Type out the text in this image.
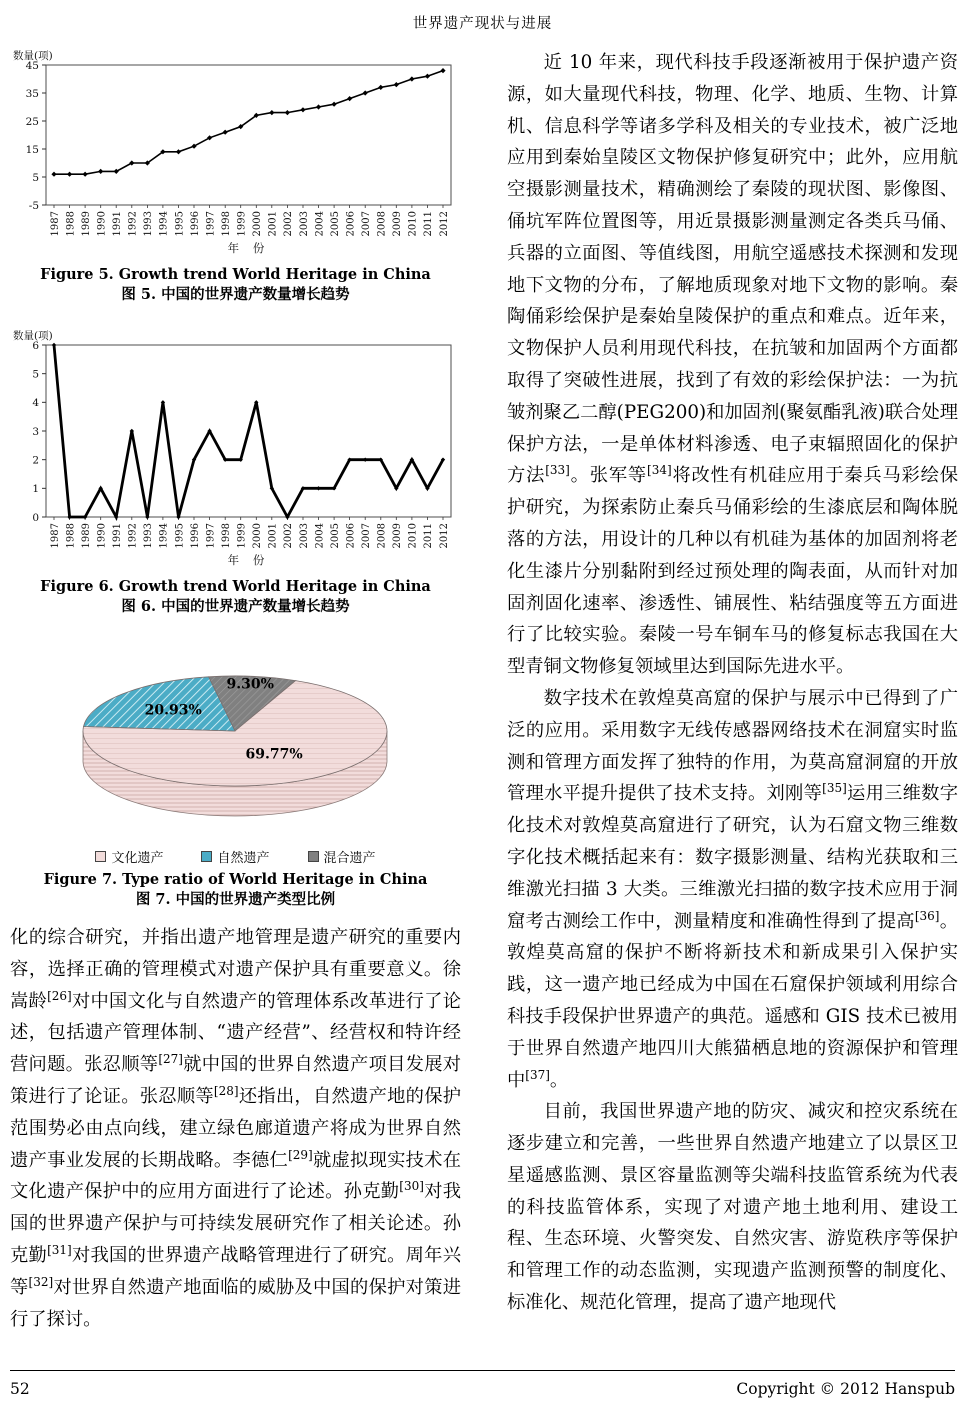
世界遗产现状与进展
数量(项)
-5
5
15
25
35
45
1987 1988 1989 1990 1991 1992 1993 1994 1995 1996 1997 1998 1999 2000 2001 2002 2003 2004 2005 2006 2007 2008 2009 2010 2011 2012
年 份
Figure 5. Growth trend World Heritage in China
图 5. 中国的世界遗产数量增长趋势
数量(项)
0
1
2
3
4
5
6
1987 1988 1989 1990 1991 1992 1993 1994 1995 1996 1997 1998 1999 2000 2001 2002 2003 2004 2005 2006 2007 2008 2009 2010 2011 2012
年 份
Figure 6. Growth trend World Heritage in China
图 6. 中国的世界遗产数量增长趋势
9.30%
69.77%
20.93%
文化遗产	自然遗产	混合遗产
Figure 7. Type ratio of World Heritage in China
图 7. 中国的世界遗产类型比例

化的综合研究，并指出遗产地管理是遗产研究的重要内容，选择正确的管理模式对遗产保护具有重要意义。徐嵩龄[26]对中国文化与自然遗产的管理体系改革进行了论述，包括遗产管理体制、“遗产经营”、经营权和特许经营问题。张忍顺等[27]就中国的世界自然遗产项目发展对策进行了论证。张忍顺等[28]还指出，自然遗产地的保护范围势必由点向线，建立绿色廊道遗产将成为世界自然遗产事业发展的长期战略。李德仁[29]就虚拟现实技术在文化遗产保护中的应用方面进行了论述。孙克勤[30]对我国的世界遗产保护与可持续发展研究作了相关论述。孙克勤[31]对我国的世界遗产战略管理进行了研究。周年兴等[32]对世界自然遗产地面临的威胁及中国的保护对策进行了探讨。

近 10 年来，现代科技手段逐渐被用于保护遗产资源，如大量现代科技，物理、化学、地质、生物、计算机、信息科学等诸多学科及相关的专业技术，被广泛地应用到秦始皇陵区文物保护修复研究中；此外，应用航空摄影测量技术，精确测绘了秦陵的现状图、影像图、俑坑军阵位置图等，用近景摄影测量测定各类兵马俑、兵器的立面图、等值线图，用航空遥感技术探测和发现地下文物的分布，了解地质现象对地下文物的影响。秦陶俑彩绘保护是秦始皇陵保护的重点和难点。近年来，文物保护人员利用现代科技，在抗皱和加固两个方面都取得了突破性进展，找到了有效的彩绘保护法：一为抗皱剂聚乙二醇(PEG200)和加固剂(聚氨酯乳液)联合处理保护方法，一是单体材料渗透、电子束辐照固化的保护方法[33]。张军等[34]将改性有机硅应用于秦兵马彩绘保护研究，为探索防止秦兵马俑彩绘的生漆底层和陶体脱落的方法，用设计的几种以有机硅为基体的加固剂将老化生漆片分别黏附到经过预处理的陶表面，从而针对加固剂固化速率、渗透性、铺展性、粘结强度等五方面进行了比较实验。秦陵一号车铜车马的修复标志我国在大型青铜文物修复领域里达到国际先进水平。

数字技术在敦煌莫高窟的保护与展示中已得到了广泛的应用。采用数字无线传感器网络技术在洞窟实时监测和管理方面发挥了独特的作用，为莫高窟洞窟的开放管理水平提升提供了技术支持。刘刚等[35]运用三维数字化技术对敦煌莫高窟进行了研究，认为石窟文物三维数字化技术概括起来有：数字摄影测量、结构光获取和三维激光扫描 3 大类。三维激光扫描的数字技术应用于洞窟考古测绘工作中，测量精度和准确性得到了提高[36]。敦煌莫高窟的保护不断将新技术和新成果引入保护实践，这一遗产地已经成为中国在石窟保护领域利用综合科技手段保护世界遗产的典范。遥感和 GIS 技术已被用于世界自然遗产地四川大熊猫栖息地的资源保护和管理中[37]。

目前，我国世界遗产地的防灾、减灾和控灾系统在逐步建立和完善，一些世界自然遗产地建立了以景区卫星遥感监测、景区容量监测等尖端科技监管系统为代表的科技监管体系，实现了对遗产地土地利用、建设工程、生态环境、火警突发、自然灾害、游览秩序等保护和管理工作的动态监测，实现遗产监测预警的制度化、标准化、规范化管理，提高了遗产地现代

52	Copyright © 2012 Hanspub
